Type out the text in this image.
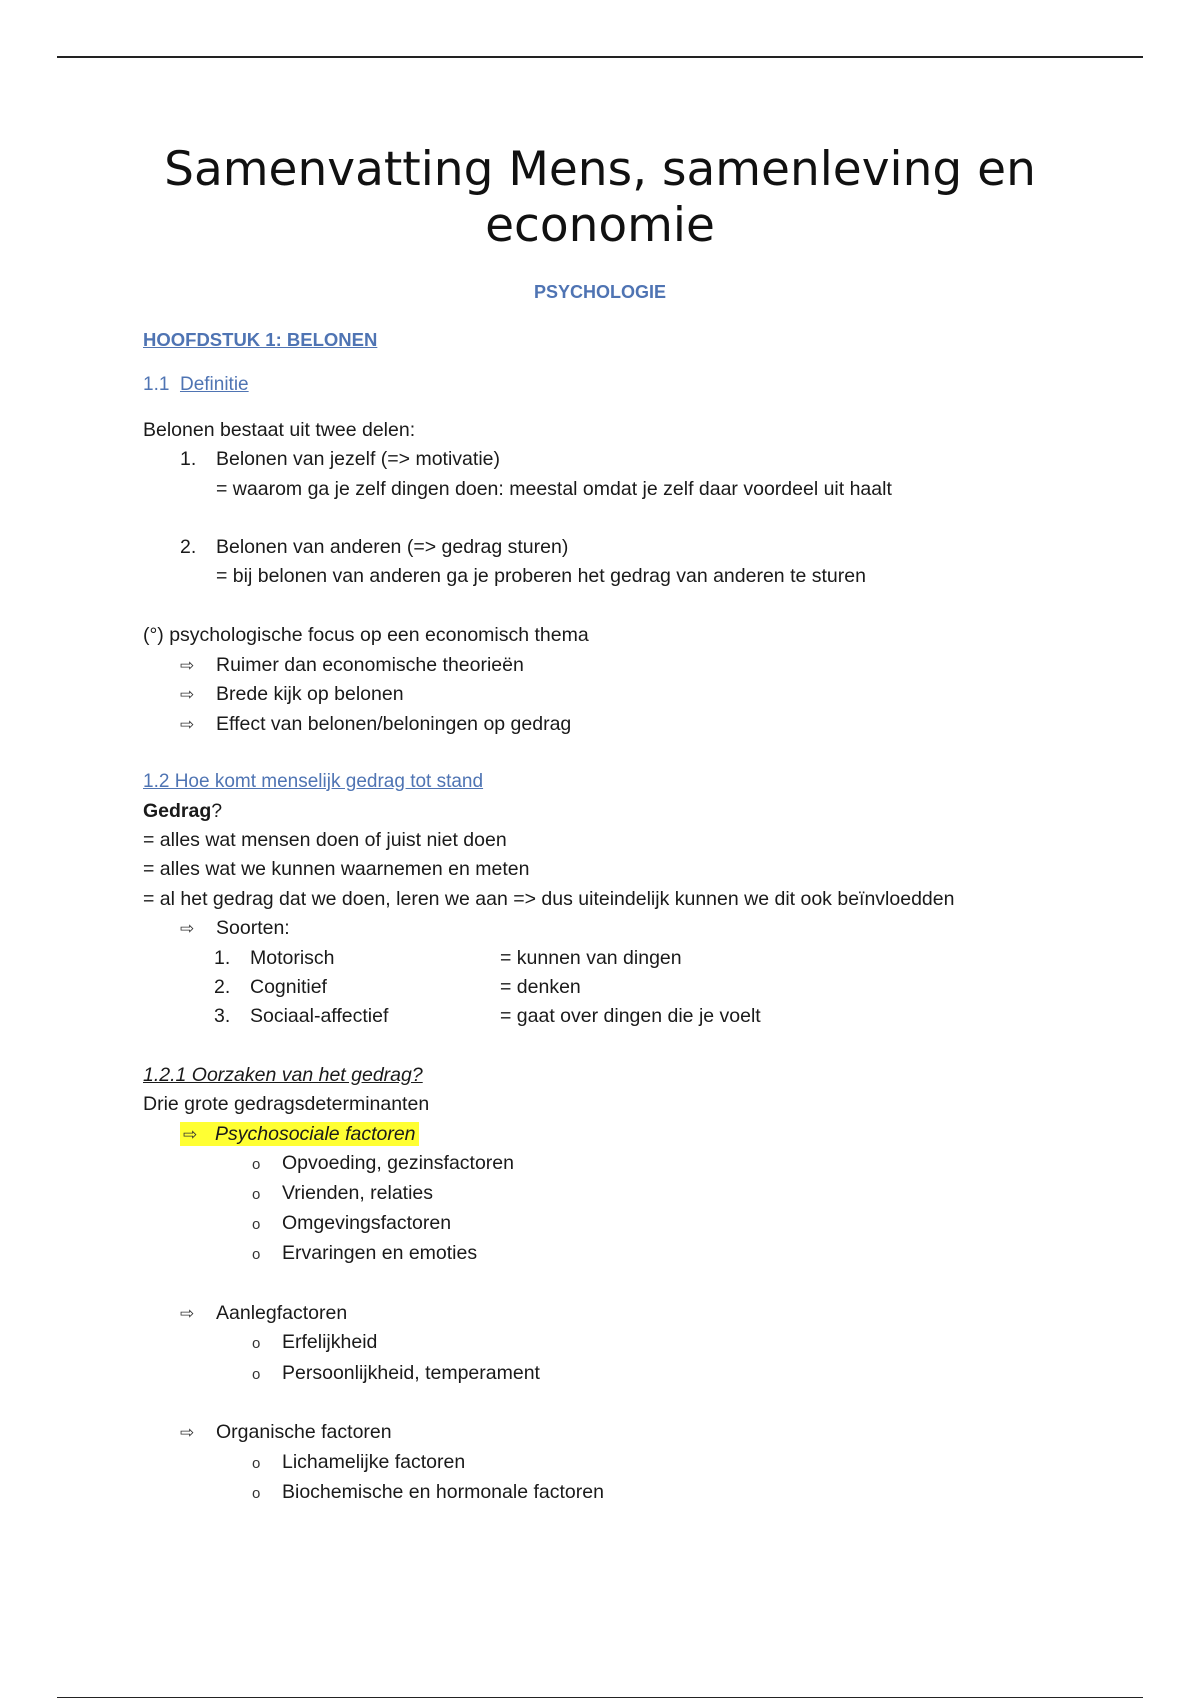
Samenvatting Mens, samenleving en
economie
PSYCHOLOGIE
HOOFDSTUK 1: BELONEN
1.1 Definitie
Belonen bestaat uit twee delen:
1. Belonen van jezelf (=> motivatie)
= waarom ga je zelf dingen doen: meestal omdat je zelf daar voordeel uit haalt
2. Belonen van anderen (=> gedrag sturen)
= bij belonen van anderen ga je proberen het gedrag van anderen te sturen
(°) psychologische focus op een economisch thema
⇨ Ruimer dan economische theorieën
⇨ Brede kijk op belonen
⇨ Effect van belonen/beloningen op gedrag
1.2 Hoe komt menselijk gedrag tot stand
Gedrag?
= alles wat mensen doen of juist niet doen
= alles wat we kunnen waarnemen en meten
= al het gedrag dat we doen, leren we aan => dus uiteindelijk kunnen we dit ook beïnvloedden
⇨ Soorten:
1. Motorisch	= kunnen van dingen
2. Cognitief	= denken
3. Sociaal-affectief	= gaat over dingen die je voelt
1.2.1 Oorzaken van het gedrag?
Drie grote gedragsdeterminanten
⇨ Psychosociale factoren
o Opvoeding, gezinsfactoren
o Vrienden, relaties
o Omgevingsfactoren
o Ervaringen en emoties
⇨ Aanlegfactoren
o Erfelijkheid
o Persoonlijkheid, temperament
⇨ Organische factoren
o Lichamelijke factoren
o Biochemische en hormonale factoren
